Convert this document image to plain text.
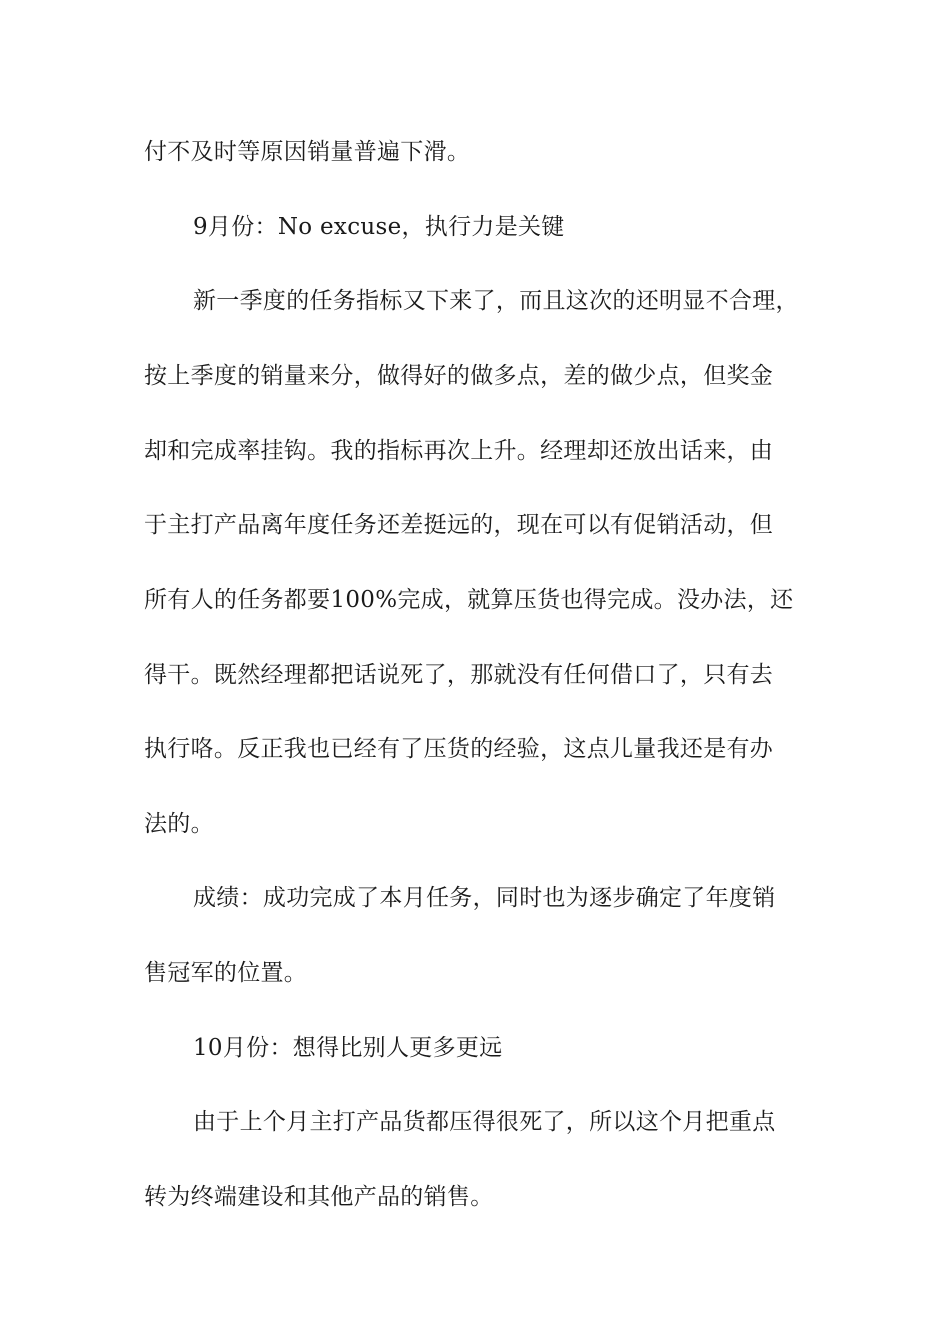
付不及时等原因销量普遍下滑。
9月份：No excuse，执行力是关键
新一季度的任务指标又下来了，而且这次的还明显不合理，
按上季度的销量来分，做得好的做多点，差的做少点，但奖金
却和完成率挂钩。我的指标再次上升。经理却还放出话来，由
于主打产品离年度任务还差挺远的，现在可以有促销活动，但
所有人的任务都要100%完成，就算压货也得完成。没办法，还
得干。既然经理都把话说死了，那就没有任何借口了，只有去
执行咯。反正我也已经有了压货的经验，这点儿量我还是有办
法的。
成绩：成功完成了本月任务，同时也为逐步确定了年度销
售冠军的位置。
10月份：想得比别人更多更远
由于上个月主打产品货都压得很死了，所以这个月把重点
转为终端建设和其他产品的销售。
